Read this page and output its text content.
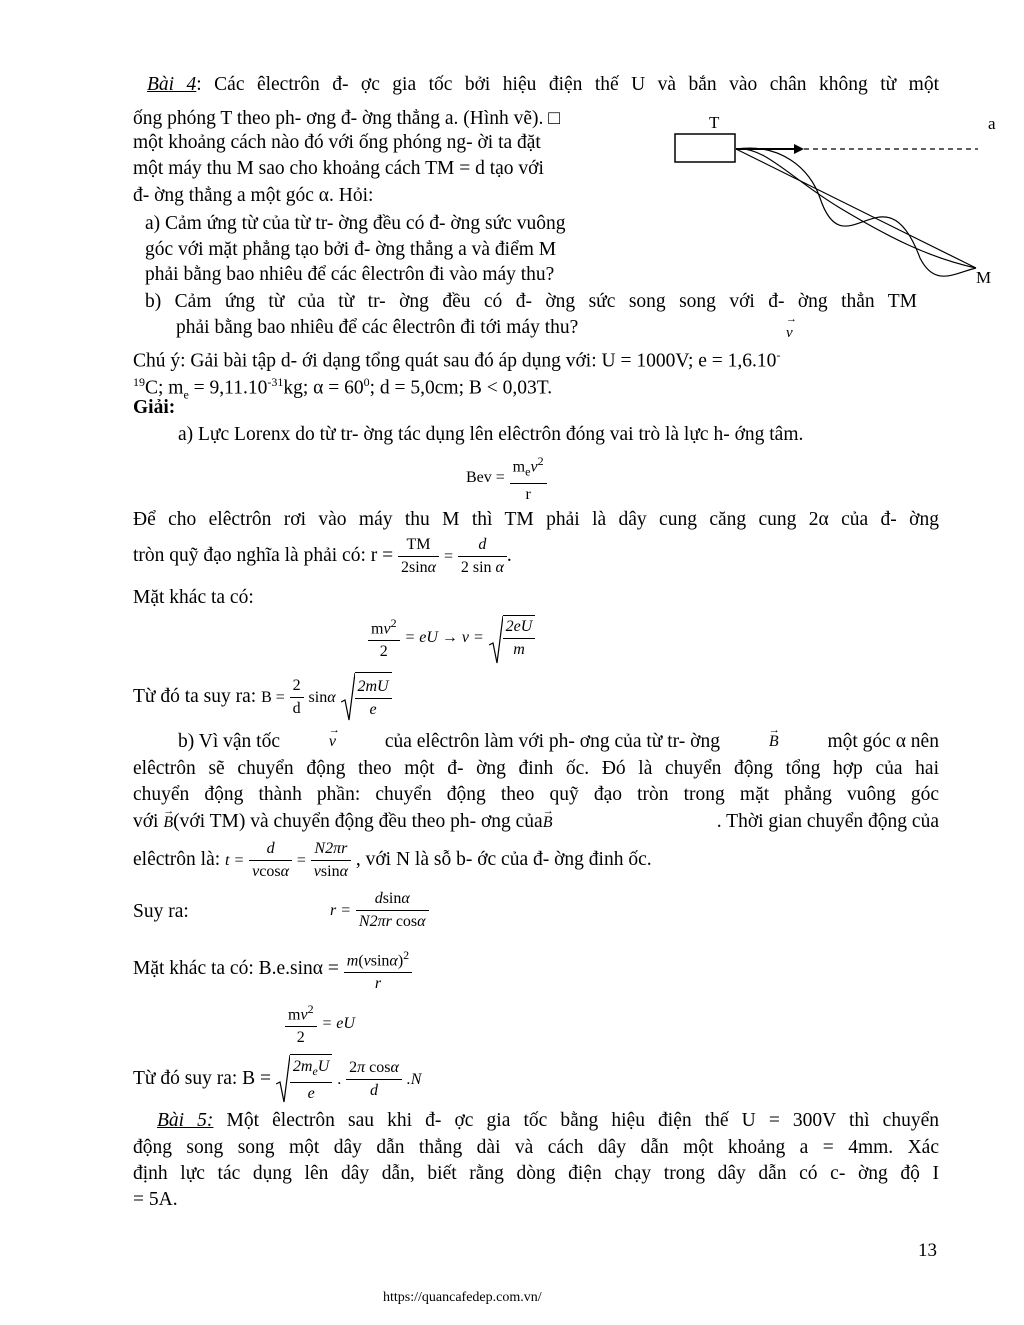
Bài 4: Các êlectrôn đ- ợc gia tốc bởi hiệu điện thế U và bắn vào chân không từ một
ống phóng T theo ph- ơng đ- ờng thẳng a. (Hình vẽ). □
một khoảng cách nào đó với ống phóng ng- ời ta đặt
một máy thu M sao cho khoảng cách TM = d tạo với
đ- ờng thẳng a một góc α. Hỏi:
a) Cảm ứng từ của từ tr- ờng đều có đ- ờng sức vuông
góc với mặt phẳng tạo bởi đ- ờng thẳng a và điểm M
phải bằng bao nhiêu để các êlectrôn đi vào máy thu?
b) Cảm ứng từ của từ tr- ờng đều có đ- ờng sức song song với đ- ờng thẳn TM
phải bằng bao nhiêu để các êlectrôn đi tới máy thu?
Chú ý: Gải bài tập d- ới dạng tổng quát sau đó áp dụng với: U = 1000V; e = 1,6.10-
$^{19}$C; $m_e = 9,11.10^{-31}kg$; $\alpha = 60^0$; d = 5,0cm; B < 0,03T.

T
→ v
a
M
Giải:
a) Lực Lorenx do từ tr- ờng tác dụng lên elêctrôn đóng vai trò là lực h- ớng tâm.
Bev = $\frac{m_ev^2}{r}$
Để cho elêctrôn rơi vào máy thu M thì TM phải là dây cung căng cung 2α của đ- ờng
tròn quỹ đạo nghĩa là phải có: $r = \frac{TM}{2\sin\alpha} = \frac{d}{\text{2 sin α}}$ .
Mặt khác ta có:
$\frac{mv^2}{2}$ = eU → $v = \frac{2eU}{m}$
Từ đó ta suy ra: $B = \frac{2}{d}$ sinα $\frac{2mU}{e}$
b) Vì vận tốc	→ v	của elêctrôn làm với ph- ơng của từ tr- ờng	→ B	một góc α nên
elêctrôn sẽ chuyển động theo một đ- ờng đinh ốc. Đó là chuyển động tổng hợp của hai
chuyển động thành phần: chuyển động theo quỹ đạo tròn trong mặt phẳng vuông góc
với → B(với TM) và chuyển động đều theo ph- ơng của→ B	. Thời gian chuyển động của
elêctrôn là: $t = \frac{d}{vcos\alpha} = \frac{N2\pi r}{vsin\alpha}$ , với N là sỗ b- ớc của đ- ờng đinh ốc.
Suy ra:	$r = \frac{dsin\alpha}{\text{N2πr cosα}}$
Mặt khác ta có: $B.e.\sin\alpha = \frac{m(vsin\alpha)^2}{r}$
$\frac{mv^2}{2}$ = eU
Từ đó suy ra: $B = \frac{2m_eU}{e}$ . $\frac{\text{2π cosα}}{d} .N$
Bài 5: Một êlectrôn sau khi đ- ợc gia tốc bằng hiệu điện thế U = 300V thì chuyển
động song song một dây dẫn thẳng dài và cách dây dẫn một khoảng a = 4mm. Xác
định lực tác dụng lên dây dẫn, biết rằng dòng điện chạy trong dây dẫn có c- ờng độ I
= 5A.
13
https://quancafedep.com.vn/
